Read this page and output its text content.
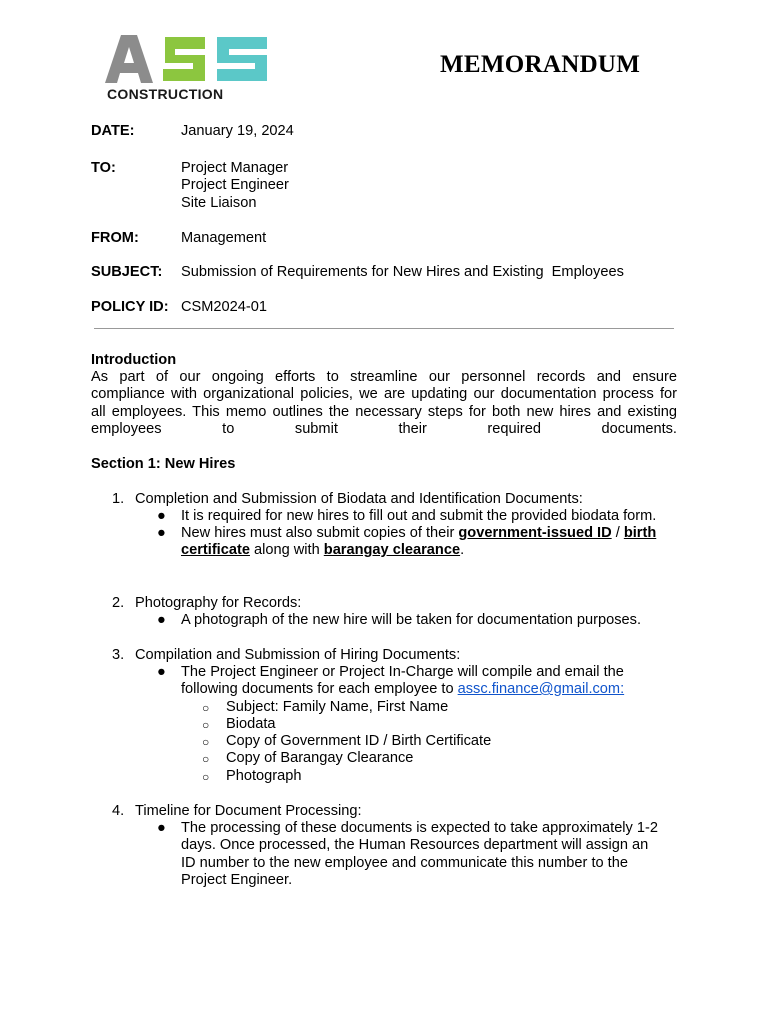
CONSTRUCTION
MEMORANDUM
DATE:	January 19, 2024
TO:	Project Manager
Project Engineer
Site Liaison
FROM:	Management
SUBJECT: Submission of Requirements for New Hires and Existing  Employees
POLICY ID: CSM2024-01
Introduction
As part of our ongoing efforts to streamline our personnel records and ensure
compliance with organizational policies, we are updating our documentation process for
all employees. This memo outlines the necessary steps for both new hires and existing
employees to submit their required documents.
Section 1: New Hires
1. Completion and Submission of Biodata and Identification Documents:
● It is required for new hires to fill out and submit the provided biodata form.
● New hires must also submit copies of their government-issued ID / birth
certificate along with barangay clearance.
2. Photography for Records:
● A photograph of the new hire will be taken for documentation purposes.
3. Compilation and Submission of Hiring Documents:
● The Project Engineer or Project In-Charge will compile and email the
following documents for each employee to assc.finance@gmail.com:
○ Subject: Family Name, First Name
○ Biodata
○ Copy of Government ID / Birth Certificate
○ Copy of Barangay Clearance
○ Photograph
4. Timeline for Document Processing:
● The processing of these documents is expected to take approximately 1-2
days. Once processed, the Human Resources department will assign an
ID number to the new employee and communicate this number to the
Project Engineer.
